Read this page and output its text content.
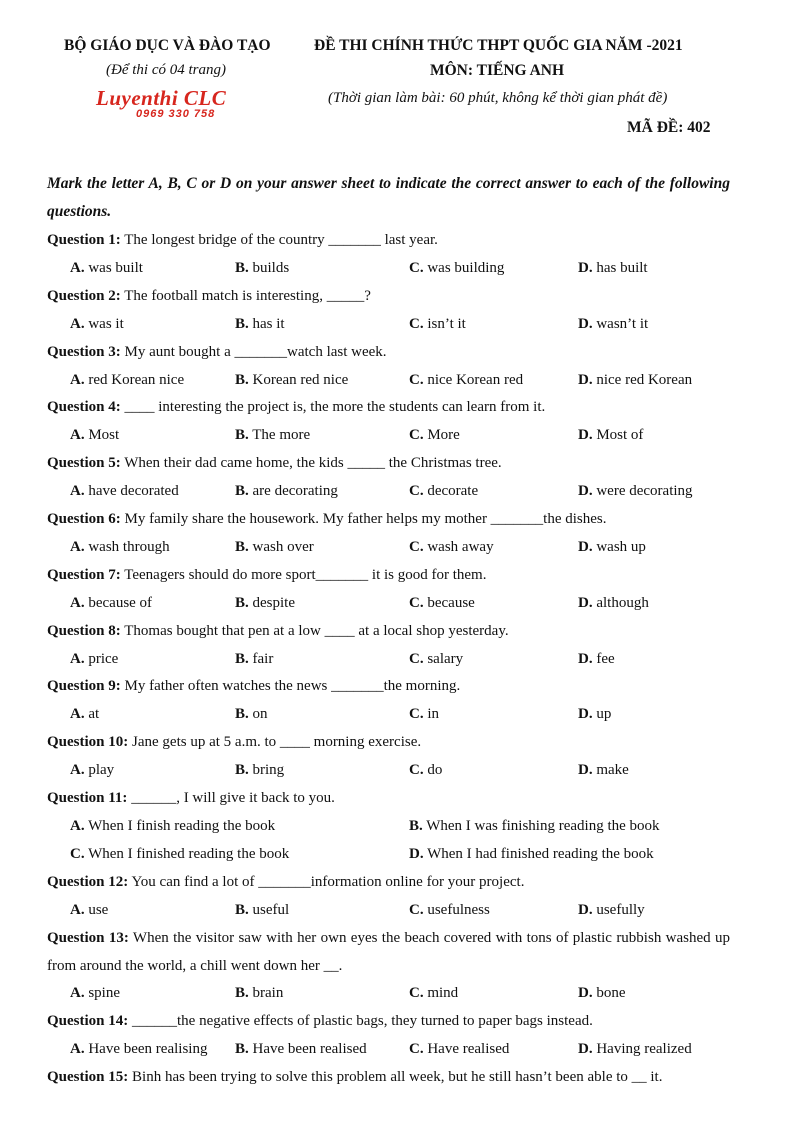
BỘ GIÁO DỤC VÀ ĐÀO TẠO
(Để thi có 04 trang)
Luyenthi CLC
0969 330 758
ĐỀ THI CHÍNH THỨC THPT QUỐC GIA NĂM -2021
MÔN: TIẾNG ANH
(Thời gian làm bài: 60 phút, không kể thời gian phát đề)
MÃ ĐỀ: 402
Mark the letter A, B, C or D on your answer sheet to indicate the correct answer to each of the following questions.
Question 1: The longest bridge of the country _______ last year.
A. was built	B. builds	C. was building	D. has built
Question 2: The football match is interesting, _____?
A. was it	B. has it	C. isn’t it	D. wasn’t it
Question 3: My aunt bought a _______watch last week.
A. red Korean nice	B. Korean red nice	C. nice Korean red	D. nice red Korean
Question 4: ____ interesting the project is, the more the students can learn from it.
A. Most	B. The more	C. More	D. Most of
Question 5: When their dad came home, the kids _____ the Christmas tree.
A. have decorated	B. are decorating	C. decorate	D. were decorating
Question 6: My family share the housework. My father helps my mother _______the dishes.
A. wash through	B. wash over	C. wash away	D. wash up
Question 7: Teenagers should do more sport_______ it is good for them.
A. because of	B. despite	C. because	D. although
Question 8: Thomas bought that pen at a low ____ at a local shop yesterday.
A. price	B. fair	C. salary	D. fee
Question 9: My father often watches the news _______the morning.
A. at	B. on	C. in	D. up
Question 10: Jane gets up at 5 a.m. to ____ morning exercise.
A. play	B. bring	C. do	D. make
Question 11: ______, I will give it back to you.
A. When I finish reading the book	B. When I was finishing reading the book
C. When I finished reading the book	D. When I had finished reading the book
Question 12: You can find a lot of _______information online for your project.
A. use	B. useful	C. usefulness	D. usefully
Question 13: When the visitor saw with her own eyes the beach covered with tons of plastic rubbish washed up from around the world, a chill went down her __.
A. spine	B. brain	C. mind	D. bone
Question 14: ______the negative effects of plastic bags, they turned to paper bags instead.
A. Have been realising B. Have been realised	C. Have realised	D. Having realized
Question 15: Binh has been trying to solve this problem all week, but he still hasn’t been able to __ it.
